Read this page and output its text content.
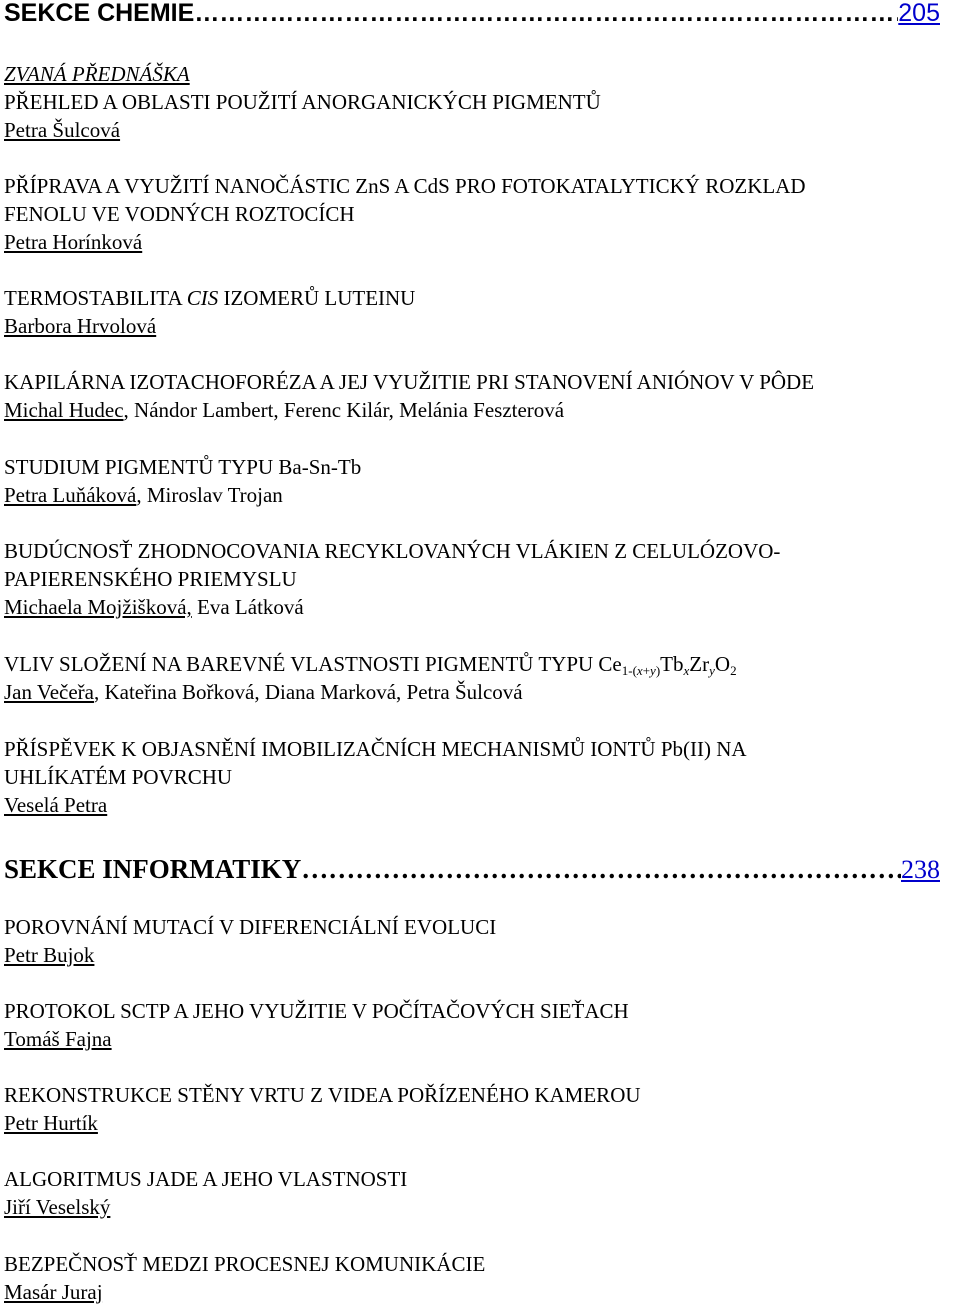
SEKCE CHEMIE ……………………………………………………………………………………………………………………………………	205
ZVANÁ PŘEDNÁŠKA
PŘEHLED A OBLASTI POUŽITÍ ANORGANICKÝCH PIGMENTŮ
Petra Šulcová
PŘÍPRAVA A VYUŽITÍ NANOČÁSTIC ZnS A CdS PRO FOTOKATALYTICKÝ ROZKLAD
FENOLU VE VODNÝCH ROZTOCÍCH
Petra Horínková
TERMOSTABILITA CIS IZOMERŮ LUTEINU
Barbora Hrvolová
KAPILÁRNA IZOTACHOFORÉZA A JEJ VYUŽITIE PRI STANOVENÍ ANIÓNOV V PÔDE
Michal Hudec, Nándor Lambert, Ferenc Kilár, Melánia Feszterová
STUDIUM PIGMENTŮ TYPU Ba-Sn-Tb
Petra Luňáková, Miroslav Trojan
BUDÚCNOSŤ ZHODNOCOVANIA RECYKLOVANÝCH VLÁKIEN Z CELULÓZOVO-
PAPIERENSKÉHO PRIEMYSLU
Michaela Mojžišková, Eva Látková
VLIV SLOŽENÍ NA BAREVNÉ VLASTNOSTI PIGMENTŮ TYPU $Ce_{1-(x+y)}Tb_xZr_yO_2$
Jan Večeřa, Kateřina Bořková, Diana Marková, Petra Šulcová
PŘÍSPĚVEK K OBJASNĚNÍ IMOBILIZAČNÍCH MECHANISMŮ IONTŮ Pb(II) NA
UHLÍKATÉM POVRCHU
Veselá Petra
SEKCE INFORMATIKY ……………………………………………………………………………………………………………………………………	238
POROVNÁNÍ MUTACÍ V DIFERENCIÁLNÍ EVOLUCI
Petr Bujok
PROTOKOL SCTP A JEHO VYUŽITIE V POČÍTAČOVÝCH SIEŤACH
Tomáš Fajna
REKONSTRUKCE STĚNY VRTU Z VIDEA POŘÍZENÉHO KAMEROU
Petr Hurtík
ALGORITMUS JADE A JEHO VLASTNOSTI
Jiří Veselský
BEZPEČNOSŤ MEDZI PROCESNEJ KOMUNIKÁCIE
Masár Juraj
